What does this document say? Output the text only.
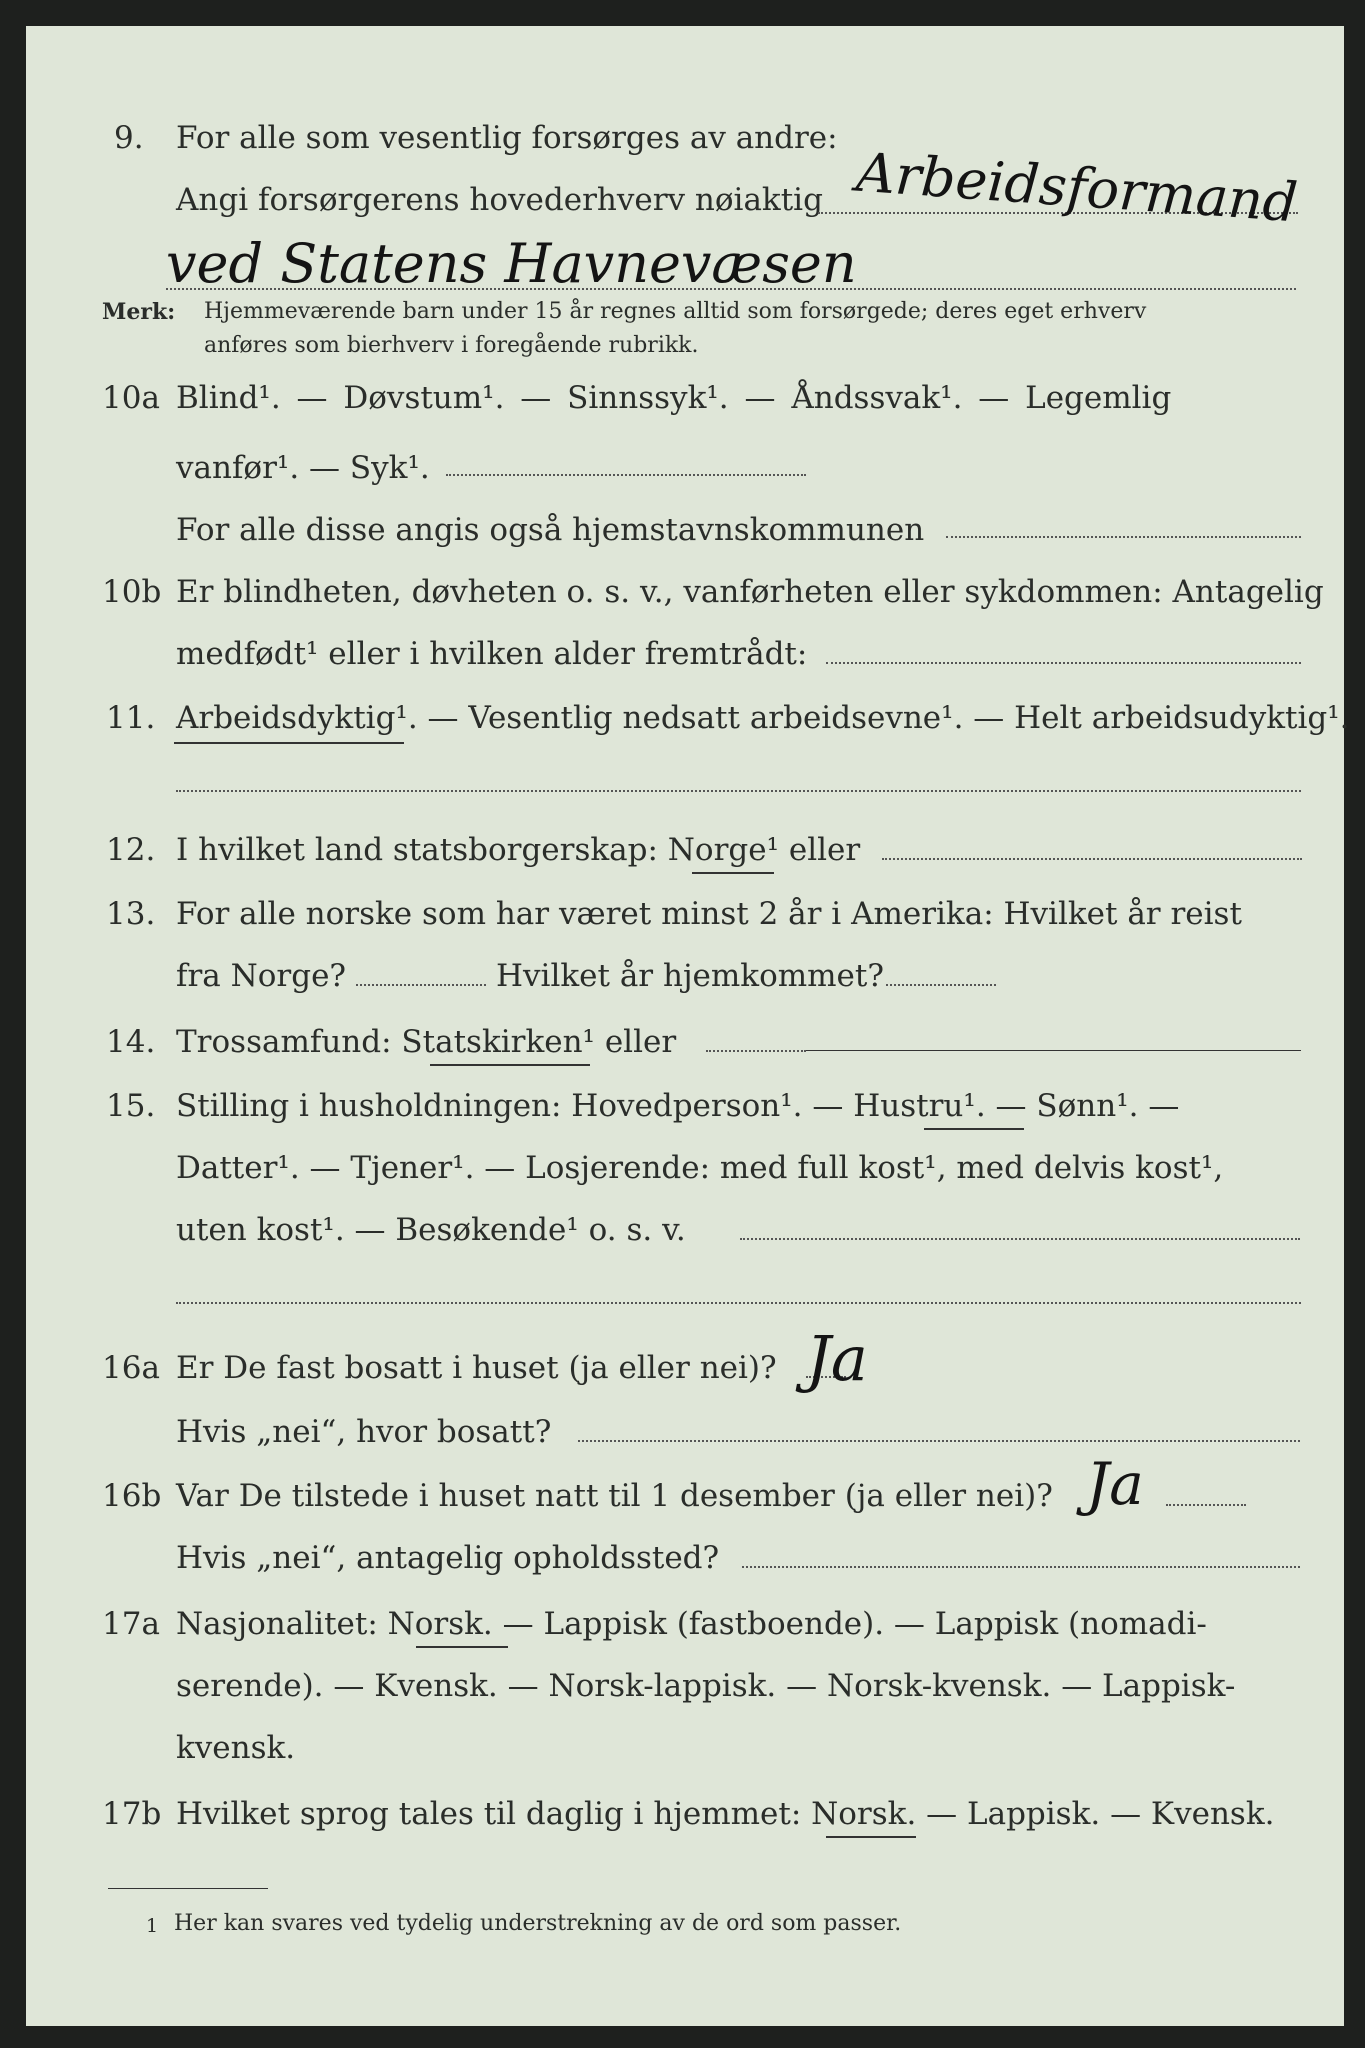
9. For alle som vesentlig forsørges av andre:
Angi forsørgerens hovederhverv nøiaktig Arbeidsformand
ved Statens Havnevæsen
Merk: Hjemmeværende barn under 15 år regnes alltid som forsørgede; deres eget erhverv
anføres som bierhverv i foregående rubrikk.
10a Blind¹. — Døvstum¹. — Sinnssyk¹. — Åndssvak¹. — Legemlig
vanfør¹. — Syk¹.
For alle disse angis også hjemstavnskommunen
10b Er blindheten, døvheten o. s. v., vanførheten eller sykdommen: Antagelig
medfødt¹ eller i hvilken alder fremtrådt:
11. Arbeidsdyktig¹. — Vesentlig nedsatt arbeidsevne¹. — Helt arbeidsudyktig¹.
12. I hvilket land statsborgerskap: Norge¹ eller
13. For alle norske som har været minst 2 år i Amerika: Hvilket år reist
fra Norge?	Hvilket år hjemkommet?
14. Trossamfund: Statskirken¹ eller
15. Stilling i husholdningen: Hovedperson¹. — Hustru¹. — Sønn¹. —
Datter¹. — Tjener¹. — Losjerende: med full kost¹, med delvis kost¹,
uten kost¹. — Besøkende¹ o. s. v.
16a Er De fast bosatt i huset (ja eller nei)? Ja
Hvis „nei“, hvor bosatt?
16b Var De tilstede i huset natt til 1 desember (ja eller nei)? Ja
Hvis „nei“, antagelig opholdssted?
17a Nasjonalitet: Norsk. — Lappisk (fastboende). — Lappisk (nomadi-
serende). — Kvensk. — Norsk-lappisk. — Norsk-kvensk. — Lappisk-
kvensk.
17b Hvilket sprog tales til daglig i hjemmet: Norsk. — Lappisk. — Kvensk.
1 Her kan svares ved tydelig understrekning av de ord som passer.
